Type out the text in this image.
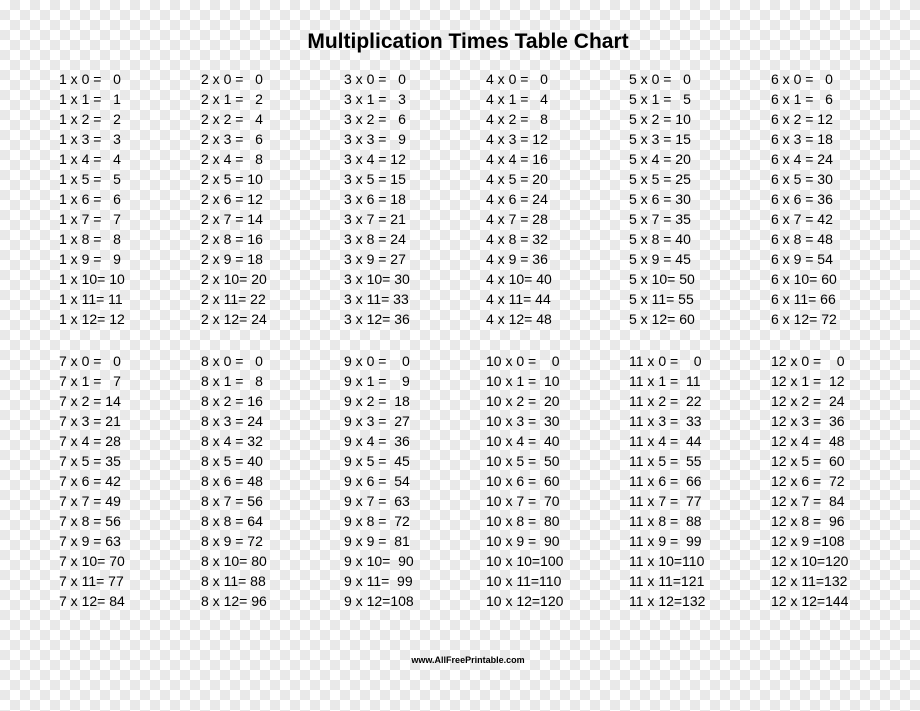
Multiplication Times Table Chart
1 x 0 =   0
1 x 1 =   1
1 x 2 =   2
1 x 3 =   3
1 x 4 =   4
1 x 5 =   5
1 x 6 =   6
1 x 7 =   7
1 x 8 =   8
1 x 9 =   9
1 x 10= 10
1 x 11= 11
1 x 12= 12
2 x 0 =   0
2 x 1 =   2
2 x 2 =   4
2 x 3 =   6
2 x 4 =   8
2 x 5 = 10
2 x 6 = 12
2 x 7 = 14
2 x 8 = 16
2 x 9 = 18
2 x 10= 20
2 x 11= 22
2 x 12= 24
3 x 0 =   0
3 x 1 =   3
3 x 2 =   6
3 x 3 =   9
3 x 4 = 12
3 x 5 = 15
3 x 6 = 18
3 x 7 = 21
3 x 8 = 24
3 x 9 = 27
3 x 10= 30
3 x 11= 33
3 x 12= 36
4 x 0 =   0
4 x 1 =   4
4 x 2 =   8
4 x 3 = 12
4 x 4 = 16
4 x 5 = 20
4 x 6 = 24
4 x 7 = 28
4 x 8 = 32
4 x 9 = 36
4 x 10= 40
4 x 11= 44
4 x 12= 48
5 x 0 =   0
5 x 1 =   5
5 x 2 = 10
5 x 3 = 15
5 x 4 = 20
5 x 5 = 25
5 x 6 = 30
5 x 7 = 35
5 x 8 = 40
5 x 9 = 45
5 x 10= 50
5 x 11= 55
5 x 12= 60
6 x 0 =   0
6 x 1 =   6
6 x 2 = 12
6 x 3 = 18
6 x 4 = 24
6 x 5 = 30
6 x 6 = 36
6 x 7 = 42
6 x 8 = 48
6 x 9 = 54
6 x 10= 60
6 x 11= 66
6 x 12= 72
7 x 0 =   0
7 x 1 =   7
7 x 2 = 14
7 x 3 = 21
7 x 4 = 28
7 x 5 = 35
7 x 6 = 42
7 x 7 = 49
7 x 8 = 56
7 x 9 = 63
7 x 10= 70
7 x 11= 77
7 x 12= 84
8 x 0 =   0
8 x 1 =   8
8 x 2 = 16
8 x 3 = 24
8 x 4 = 32
8 x 5 = 40
8 x 6 = 48
8 x 7 = 56
8 x 8 = 64
8 x 9 = 72
8 x 10= 80
8 x 11= 88
8 x 12= 96
9 x 0 =    0
9 x 1 =    9
9 x 2 =  18
9 x 3 =  27
9 x 4 =  36
9 x 5 =  45
9 x 6 =  54
9 x 7 =  63
9 x 8 =  72
9 x 9 =  81
9 x 10=  90
9 x 11=  99
9 x 12=108
10 x 0 =    0
10 x 1 =  10
10 x 2 =  20
10 x 3 =  30
10 x 4 =  40
10 x 5 =  50
10 x 6 =  60
10 x 7 =  70
10 x 8 =  80
10 x 9 =  90
10 x 10=100
10 x 11=110
10 x 12=120
11 x 0 =    0
11 x 1 =  11
11 x 2 =  22
11 x 3 =  33
11 x 4 =  44
11 x 5 =  55
11 x 6 =  66
11 x 7 =  77
11 x 8 =  88
11 x 9 =  99
11 x 10=110
11 x 11=121
11 x 12=132
12 x 0 =    0
12 x 1 =  12
12 x 2 =  24
12 x 3 =  36
12 x 4 =  48
12 x 5 =  60
12 x 6 =  72
12 x 7 =  84
12 x 8 =  96
12 x 9 =108
12 x 10=120
12 x 11=132
12 x 12=144
www.AllFreePrintable.com
